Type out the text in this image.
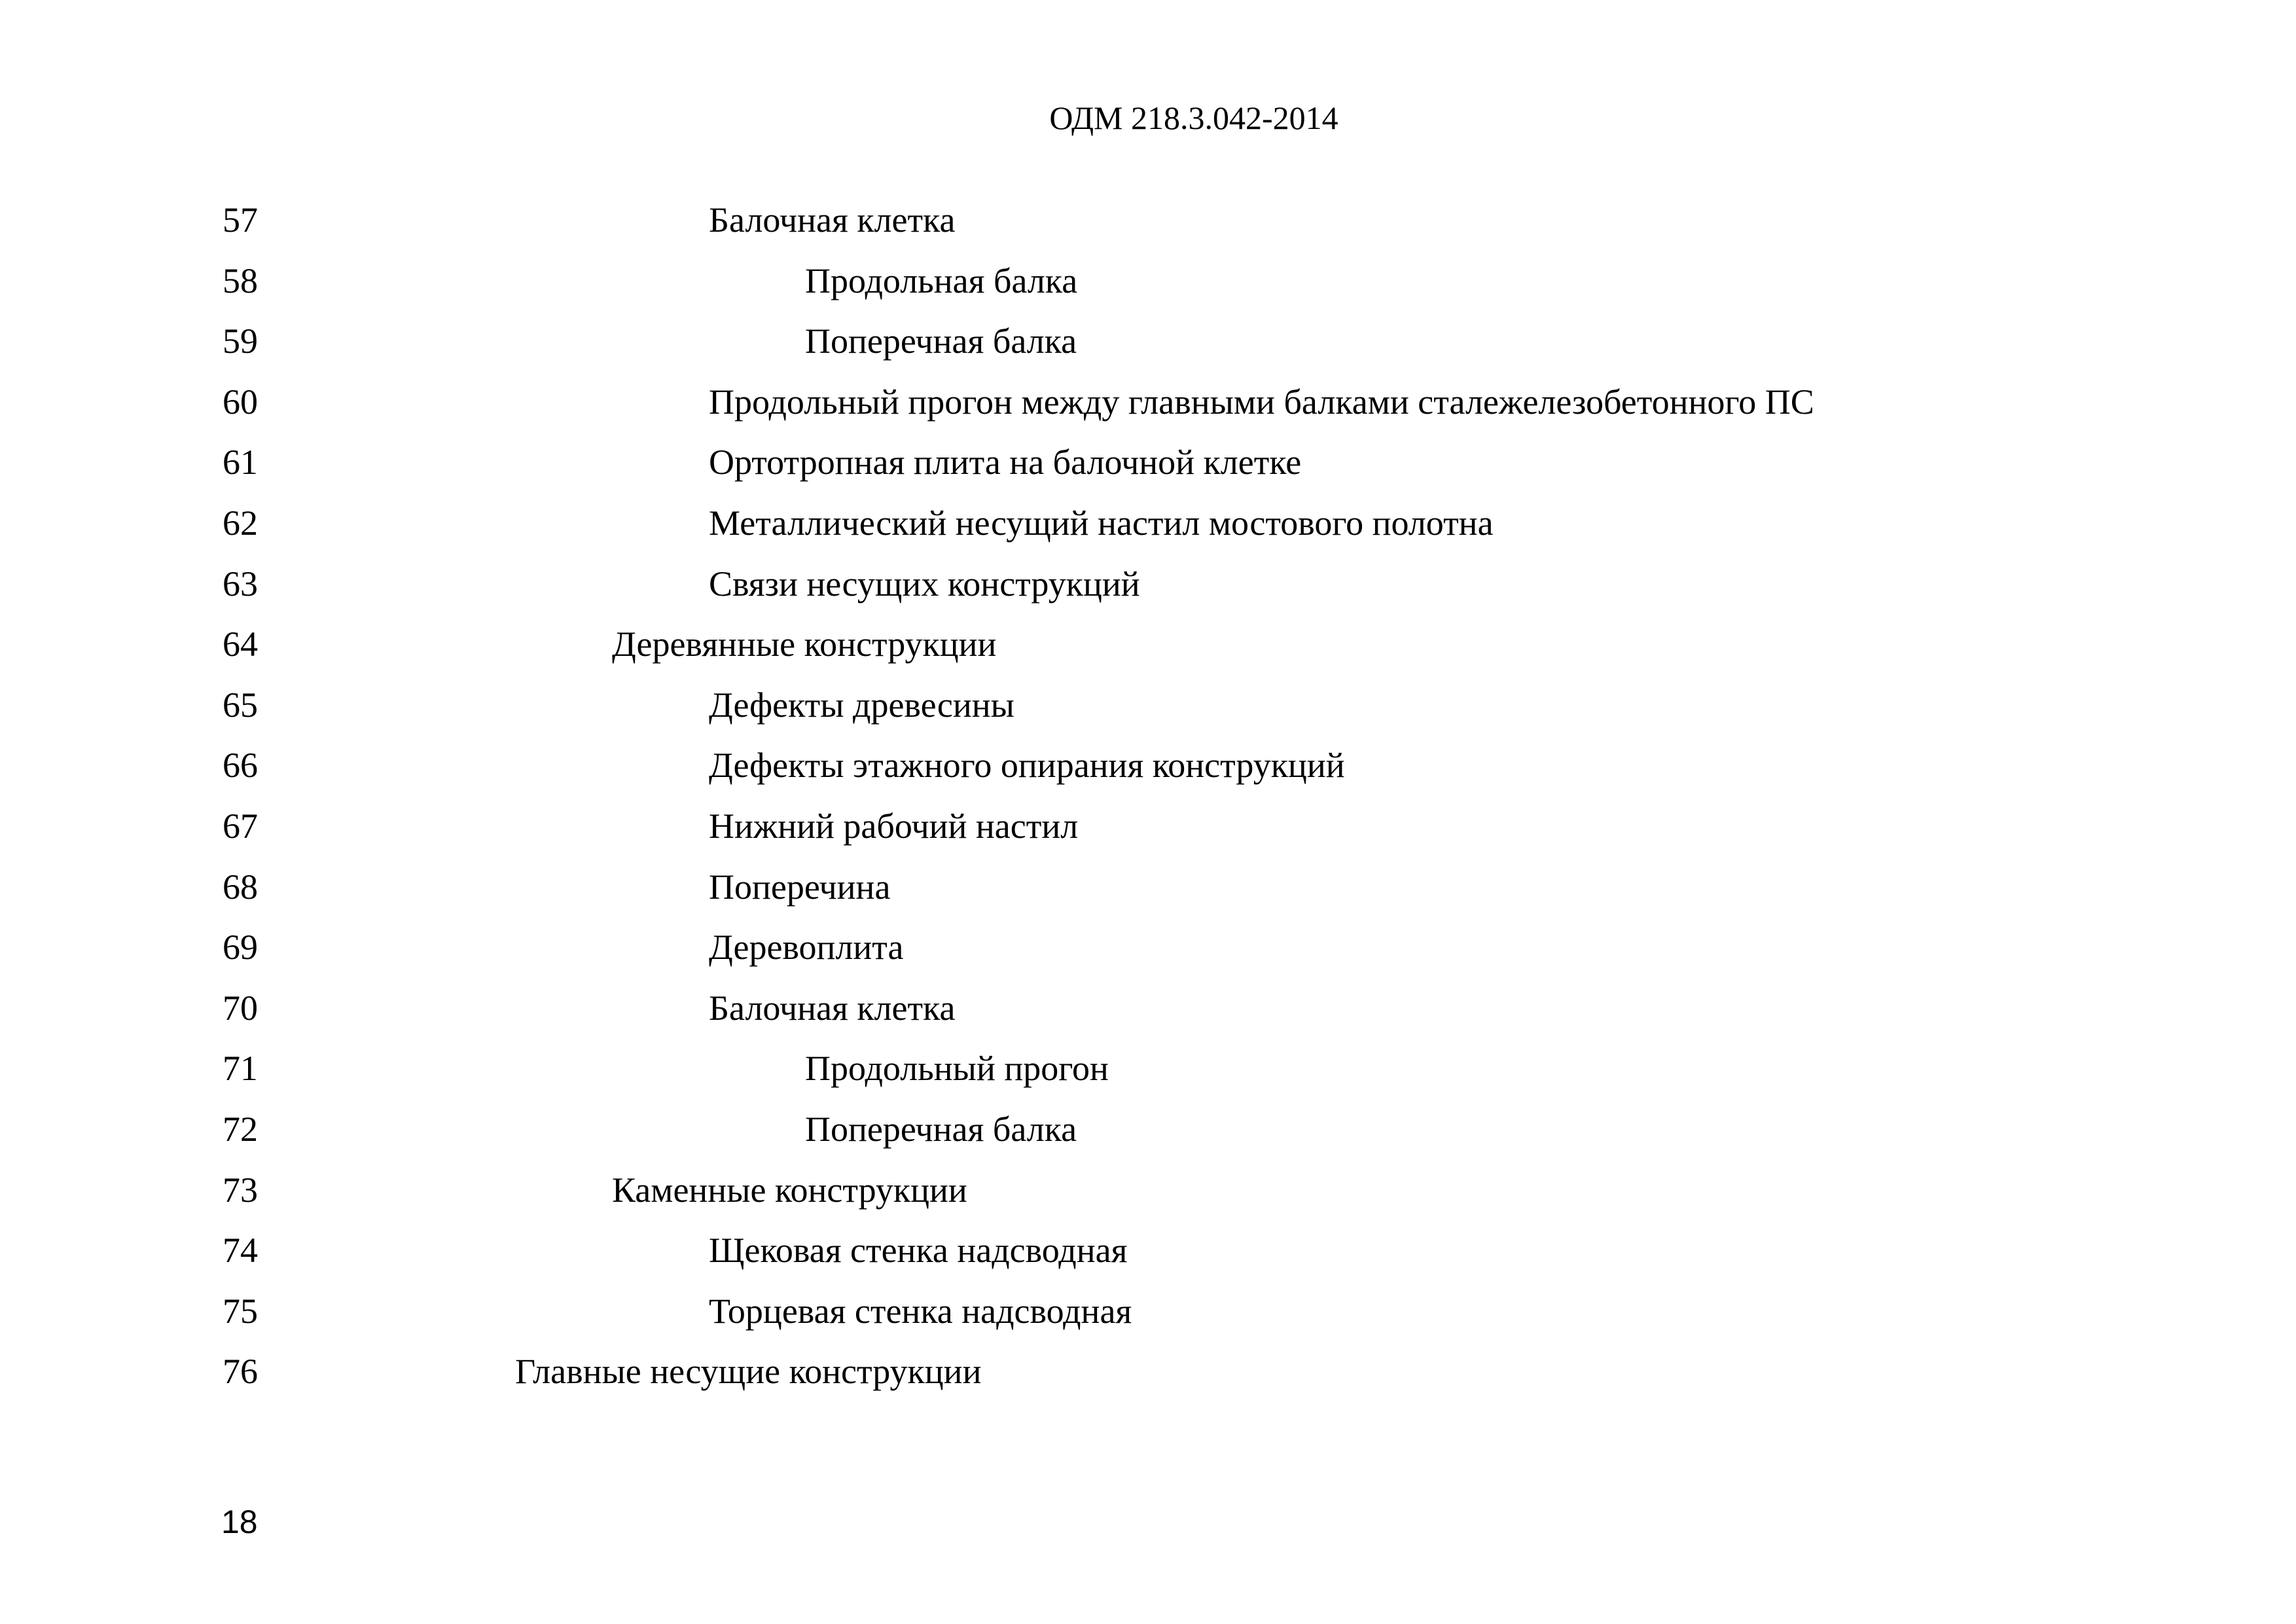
ОДМ 218.3.042-2014
57	Балочная клетка
58	Продольная балка
59	Поперечная балка
60	Продольный прогон между главными балками сталежелезобетонного ПС
61	Ортотропная плита на балочной клетке
62	Металлический несущий настил мостового полотна
63	Связи несущих конструкций
64	Деревянные конструкции
65	Дефекты древесины
66	Дефекты этажного опирания конструкций
67	Нижний рабочий настил
68	Поперечина
69	Деревоплита
70	Балочная клетка
71	Продольный прогон
72	Поперечная балка
73	Каменные конструкции
74	Щековая стенка надсводная
75	Торцевая стенка надсводная
76	Главные несущие конструкции
18
